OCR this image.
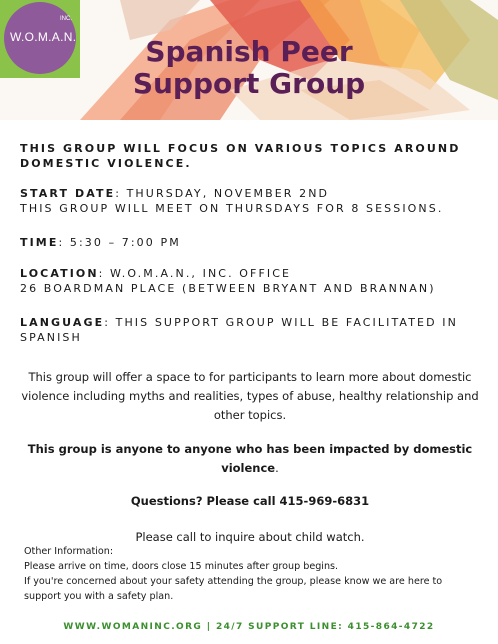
INC.
W.O.M.A.N.	Spanish Peer
Support Group
THIS GROUP WILL FOCUS ON VARIOUS TOPICS AROUND
DOMESTIC VIOLENCE.
START DATE: THURSDAY, NOVEMBER 2ND
THIS GROUP WILL MEET ON THURSDAYS FOR 8 SESSIONS.
TIME: 5:30 – 7:00 PM
LOCATION: W.O.M.A.N., INC. OFFICE
26 BOARDMAN PLACE (BETWEEN BRYANT AND BRANNAN)
LANGUAGE: THIS SUPPORT GROUP WILL BE FACILITATED IN
SPANISH
This group will offer a space to for participants to learn more about domestic violence including myths and realities, types of abuse, healthy relationship and other topics.
This group is anyone to anyone who has been impacted by domestic violence.
Questions? Please call 415-969-6831
Please call to inquire about child watch.
Other Information:
Please arrive on time, doors close 15 minutes after group begins.
If you're concerned about your safety attending the group, please know we are here to
support you with a safety plan.
WWW.WOMANINC.ORG | 24/7 SUPPORT LINE: 415-864-4722
